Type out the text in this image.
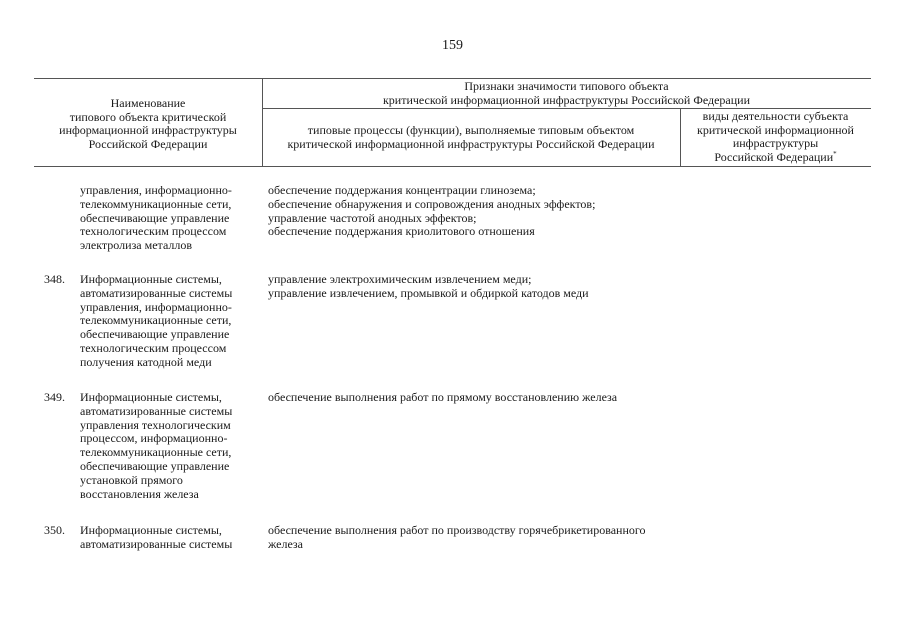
159
Наименование
типового объекта критической
информационной инфраструктуры
Российской Федерации
Признаки значимости типового объекта
критической информационной инфраструктуры Российской Федерации
типовые процессы (функции), выполняемые типовым объектом
критической информационной инфраструктуры Российской Федерации
виды деятельности субъекта
критической информационной
инфраструктуры
Российской Федерации*
управления, информационно-
телекоммуникационные сети,
обеспечивающие управление
технологическим процессом
электролиза металлов
обеспечение поддержания концентрации глинозема;
обеспечение обнаружения и сопровождения анодных эффектов;
управление частотой анодных эффектов;
обеспечение поддержания криолитового отношения
348. Информационные системы,
автоматизированные системы
управления, информационно-
телекоммуникационные сети,
обеспечивающие управление
технологическим процессом
получения катодной меди
управление электрохимическим извлечением меди;
управление извлечением, промывкой и обдиркой катодов меди
349. Информационные системы,
автоматизированные системы
управления технологическим
процессом, информационно-
телекоммуникационные сети,
обеспечивающие управление
установкой прямого
восстановления железа
обеспечение выполнения работ по прямому восстановлению железа
350. Информационные системы,
автоматизированные системы
обеспечение выполнения работ по производству горячебрикетированного
железа
